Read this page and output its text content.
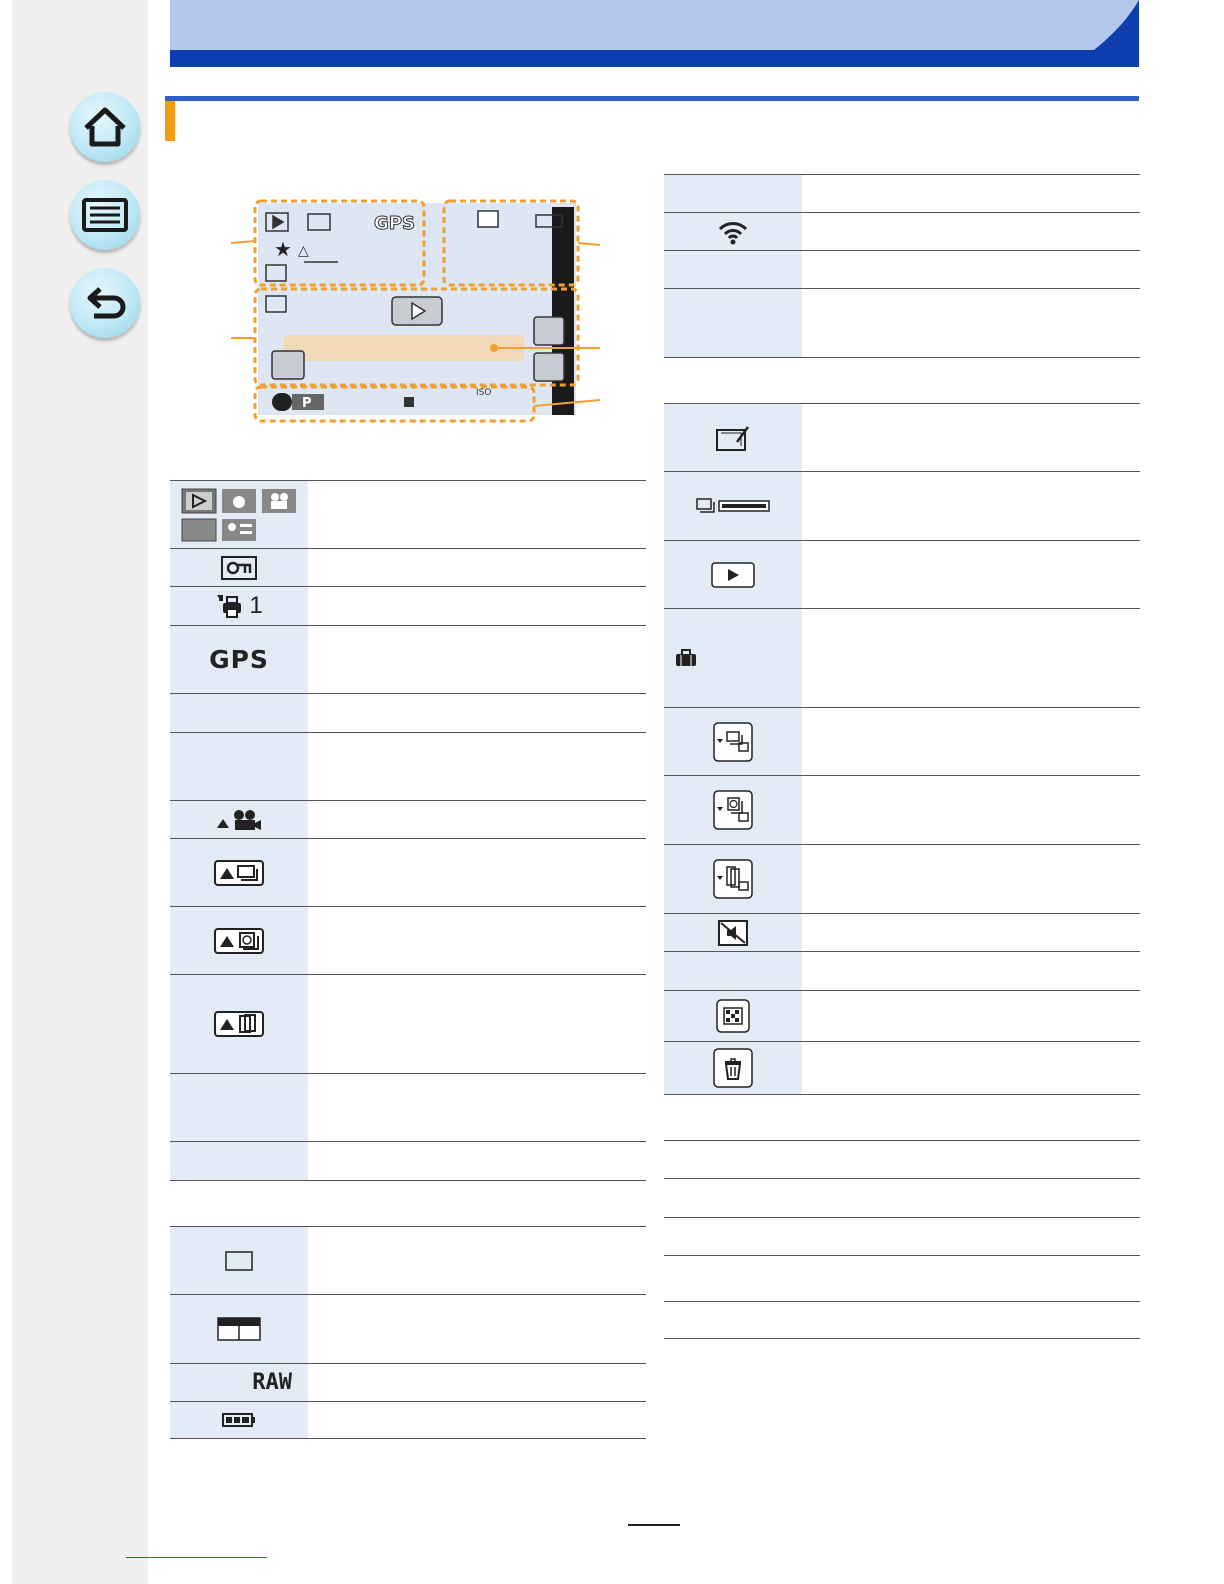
★ △
GPS
P
ISO
1
GPS
RAW
